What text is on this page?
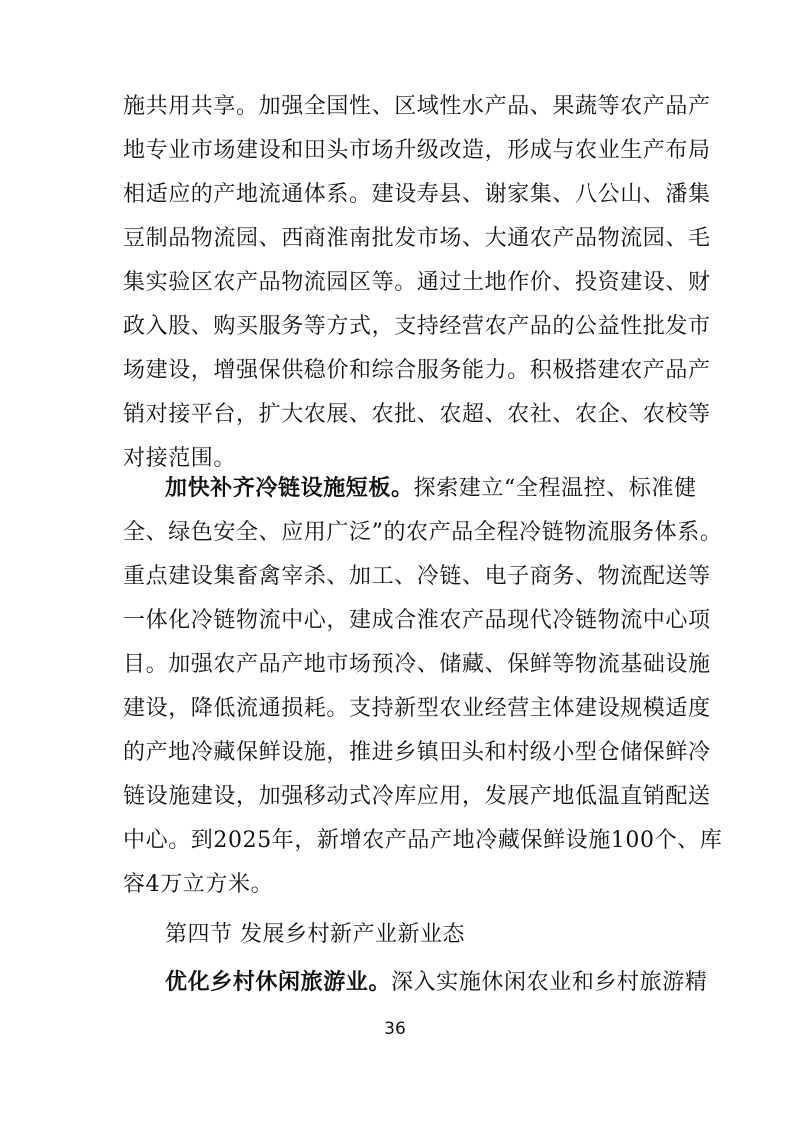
施共用共享。加强全国性、区域性水产品、果蔬等农产品产
地专业市场建设和田头市场升级改造，形成与农业生产布局
相适应的产地流通体系。建设寿县、谢家集、八公山、潘集
豆制品物流园、西商淮南批发市场、大通农产品物流园、毛
集实验区农产品物流园区等。通过土地作价、投资建设、财
政入股、购买服务等方式，支持经营农产品的公益性批发市
场建设，增强保供稳价和综合服务能力。积极搭建农产品产
销对接平台，扩大农展、农批、农超、农社、农企、农校等
对接范围。
加快补齐冷链设施短板。探索建立“全程温控、标准健
全、绿色安全、应用广泛”的农产品全程冷链物流服务体系。
重点建设集畜禽宰杀、加工、冷链、电子商务、物流配送等
一体化冷链物流中心，建成合淮农产品现代冷链物流中心项
目。加强农产品产地市场预冷、储藏、保鲜等物流基础设施
建设，降低流通损耗。支持新型农业经营主体建设规模适度
的产地冷藏保鲜设施，推进乡镇田头和村级小型仓储保鲜冷
链设施建设，加强移动式冷库应用，发展产地低温直销配送
中心。到2025年，新增农产品产地冷藏保鲜设施100个、库
容4万立方米。
第四节 发展乡村新产业新业态
优化乡村休闲旅游业。深入实施休闲农业和乡村旅游精
36
